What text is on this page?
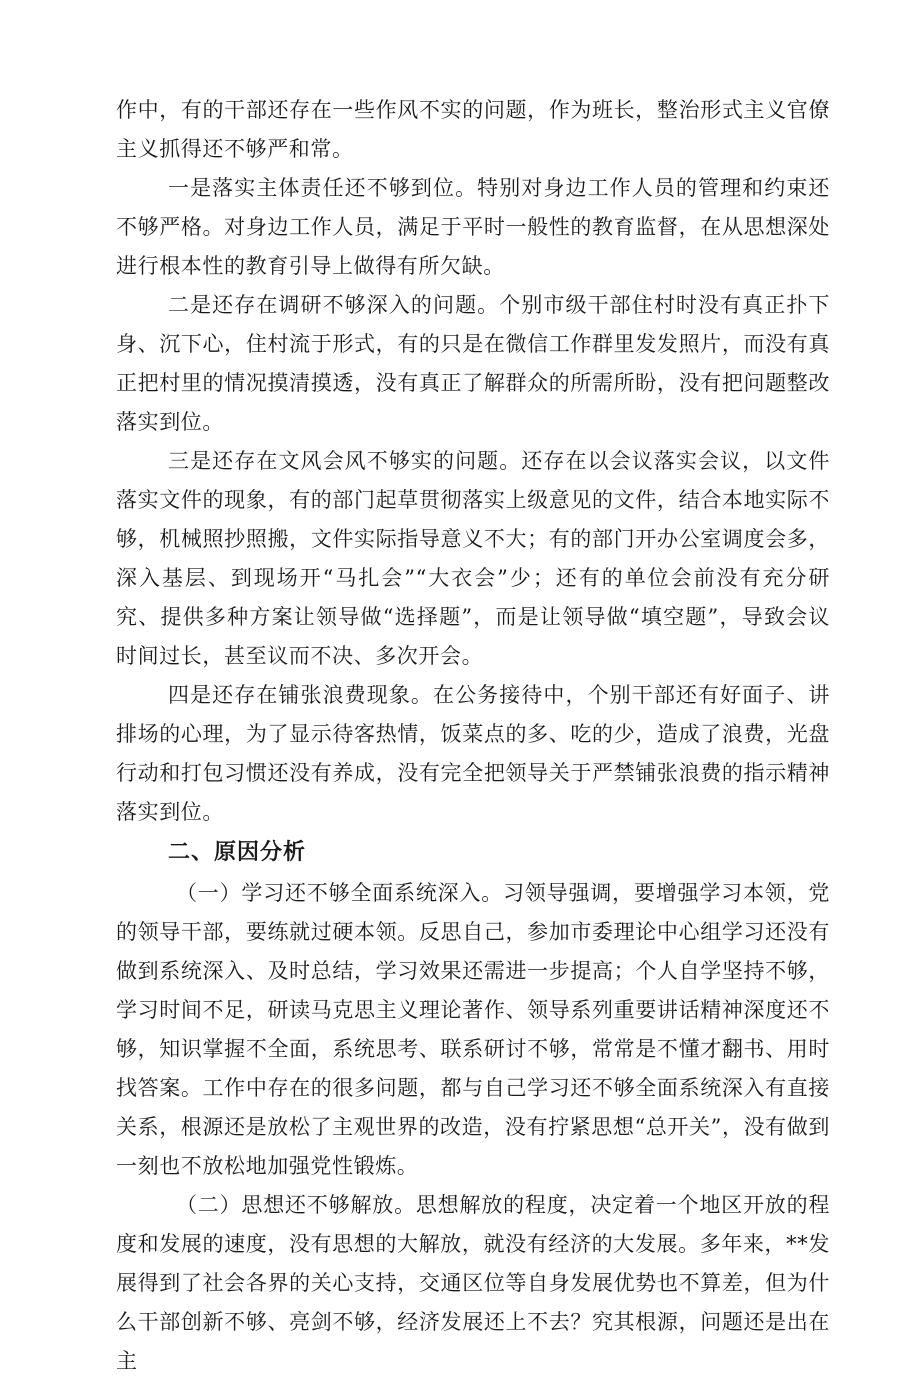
作中，有的干部还存在一些作风不实的问题，作为班长，整治形式主义官僚主义抓得还不够严和常。

一是落实主体责任还不够到位。特别对身边工作人员的管理和约束还不够严格。对身边工作人员，满足于平时一般性的教育监督，在从思想深处进行根本性的教育引导上做得有所欠缺。

二是还存在调研不够深入的问题。个别市级干部住村时没有真正扑下身、沉下心，住村流于形式，有的只是在微信工作群里发发照片，而没有真正把村里的情况摸清摸透，没有真正了解群众的所需所盼，没有把问题整改落实到位。

三是还存在文风会风不够实的问题。还存在以会议落实会议，以文件落实文件的现象，有的部门起草贯彻落实上级意见的文件，结合本地实际不够，机械照抄照搬，文件实际指导意义不大；有的部门开办公室调度会多，深入基层、到现场开“马扎会”“大衣会”少；还有的单位会前没有充分研究、提供多种方案让领导做“选择题”，而是让领导做“填空题”，导致会议时间过长，甚至议而不决、多次开会。

四是还存在铺张浪费现象。在公务接待中，个别干部还有好面子、讲排场的心理，为了显示待客热情，饭菜点的多、吃的少，造成了浪费，光盘行动和打包习惯还没有养成，没有完全把领导关于严禁铺张浪费的指示精神落实到位。

二、原因分析

（一）学习还不够全面系统深入。习领导强调，要增强学习本领，党的领导干部，要练就过硬本领。反思自己，参加市委理论中心组学习还没有做到系统深入、及时总结，学习效果还需进一步提高；个人自学坚持不够，学习时间不足，研读马克思主义理论著作、领导系列重要讲话精神深度还不够，知识掌握不全面，系统思考、联系研讨不够，常常是不懂才翻书、用时找答案。工作中存在的很多问题，都与自己学习还不够全面系统深入有直接关系，根源还是放松了主观世界的改造，没有拧紧思想“总开关”，没有做到一刻也不放松地加强党性锻炼。

（二）思想还不够解放。思想解放的程度，决定着一个地区开放的程度和发展的速度，没有思想的大解放，就没有经济的大发展。多年来，**发展得到了社会各界的关心支持，交通区位等自身发展优势也不算差，但为什么干部创新不够、亮剑不够，经济发展还上不去？究其根源，问题还是出在主
